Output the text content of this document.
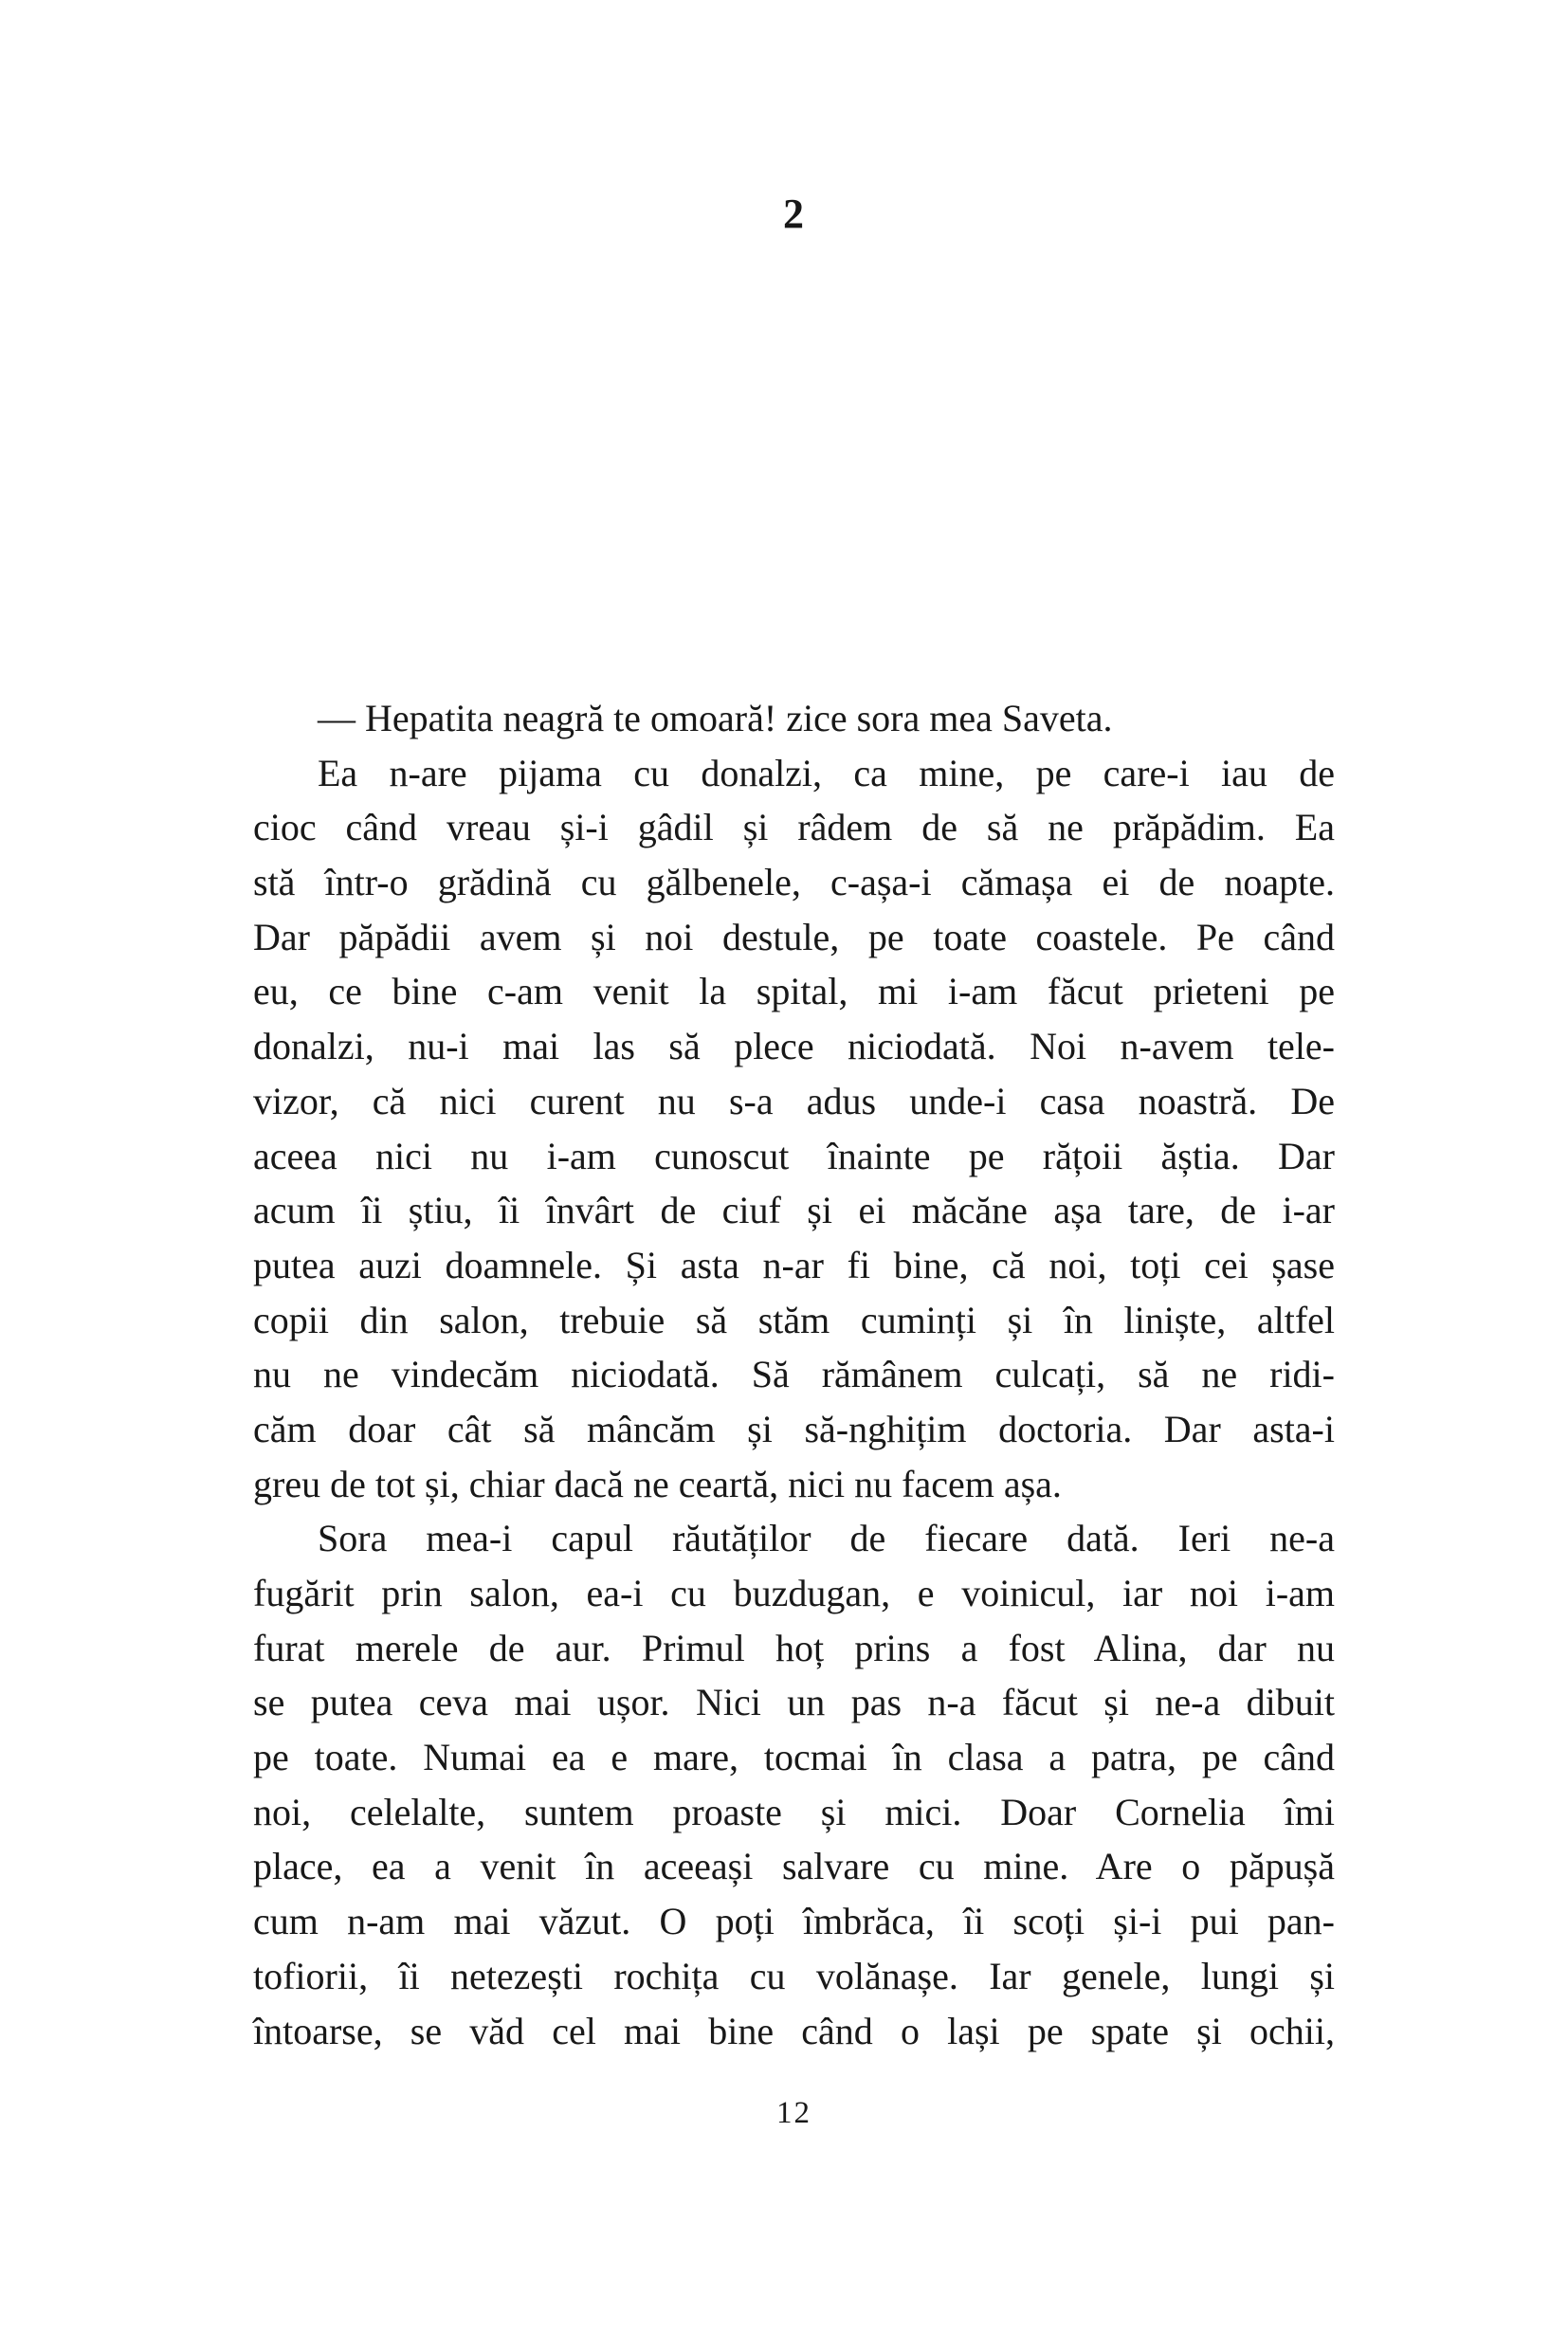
2
— Hepatita neagră te omoară! zice sora mea Saveta.
Ea n-are pijama cu donalzi, ca mine, pe care-i iau de
cioc când vreau și-i gâdil și râdem de să ne prăpădim. Ea
stă într-o grădină cu gălbenele, c-așa-i cămașa ei de noapte.
Dar păpădii avem și noi destule, pe toate coastele. Pe când
eu, ce bine c-am venit la spital, mi i-am făcut prieteni pe
donalzi, nu-i mai las să plece niciodată. Noi n-avem tele-
vizor, că nici curent nu s-a adus unde-i casa noastră. De
aceea nici nu i-am cunoscut înainte pe rățoii ăștia. Dar
acum îi știu, îi învârt de ciuf și ei măcăne așa tare, de i-ar
putea auzi doamnele. Și asta n-ar fi bine, că noi, toți cei șase
copii din salon, trebuie să stăm cuminți și în liniște, altfel
nu ne vindecăm niciodată. Să rămânem culcați, să ne ridi-
căm doar cât să mâncăm și să-nghițim doctoria. Dar asta-i
greu de tot și, chiar dacă ne ceartă, nici nu facem așa.
Sora mea-i capul răutăților de fiecare dată. Ieri ne-a
fugărit prin salon, ea-i cu buzdugan, e voinicul, iar noi i-am
furat merele de aur. Primul hoț prins a fost Alina, dar nu
se putea ceva mai ușor. Nici un pas n-a făcut și ne-a dibuit
pe toate. Numai ea e mare, tocmai în clasa a patra, pe când
noi, celelalte, suntem proaste și mici. Doar Cornelia îmi
place, ea a venit în aceeași salvare cu mine. Are o păpușă
cum n-am mai văzut. O poți îmbrăca, îi scoți și-i pui pan-
tofiorii, îi netezești rochița cu volănașe. Iar genele, lungi și
întoarse, se văd cel mai bine când o lași pe spate și ochii,
12
